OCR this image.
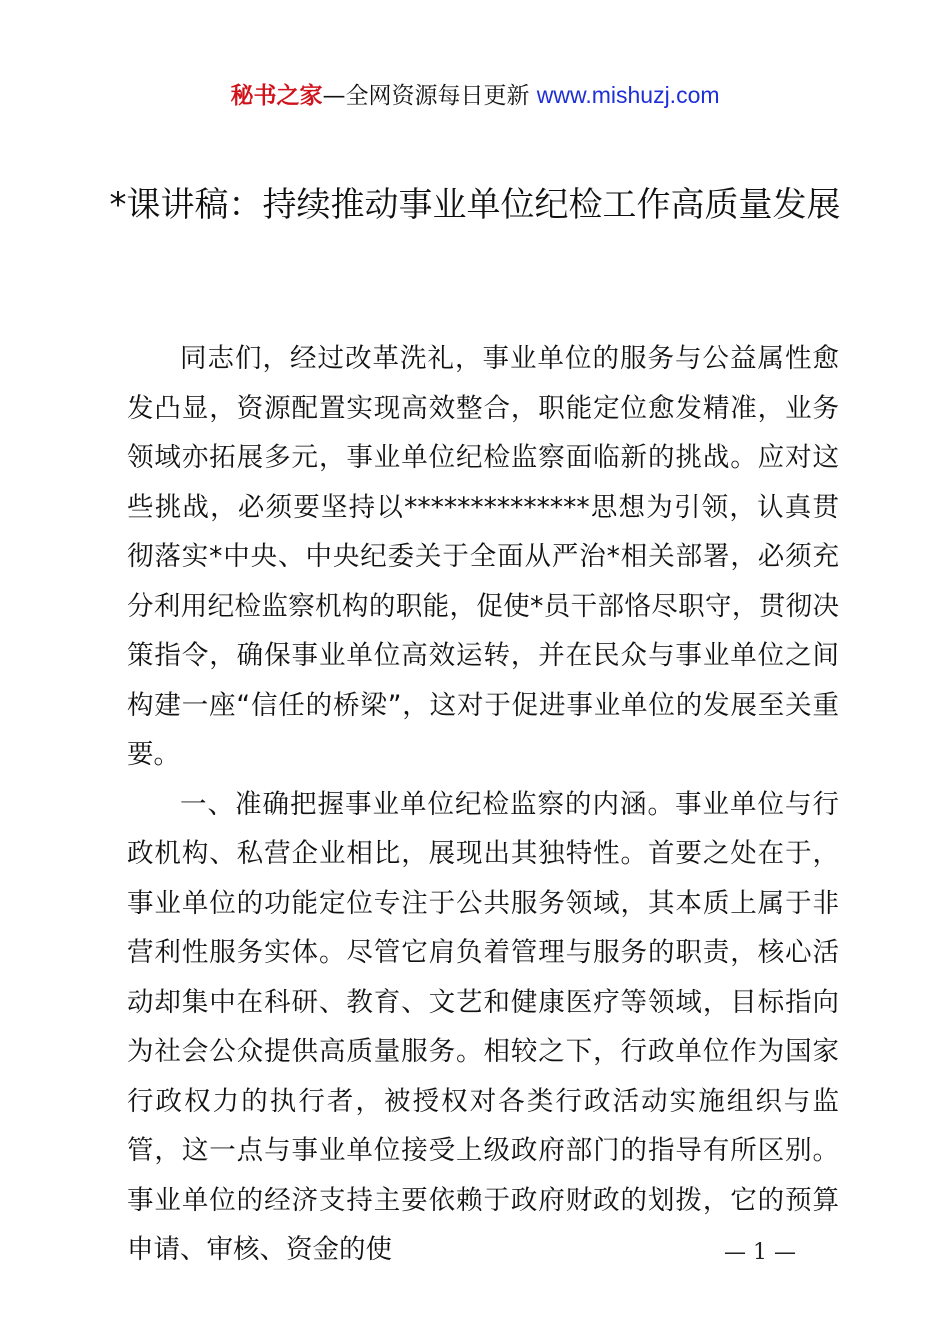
秘书之家—全网资源每日更新 www.mishuzj.com
*课讲稿：持续推动事业单位纪检工作高质量发展

同志们，经过改革洗礼，事业单位的服务与公益属性愈发凸显，资源配置实现高效整合，职能定位愈发精准，业务领域亦拓展多元，事业单位纪检监察面临新的挑战。应对这些挑战，必须要坚持以**************思想为引领，认真贯彻落实*中央、中央纪委关于全面从严治*相关部署，必须充分利用纪检监察机构的职能，促使*员干部恪尽职守，贯彻决策指令，确保事业单位高效运转，并在民众与事业单位之间构建一座“信任的桥梁”，这对于促进事业单位的发展至关重要。

一、准确把握事业单位纪检监察的内涵。事业单位与行政机构、私营企业相比，展现出其独特性。首要之处在于，事业单位的功能定位专注于公共服务领域，其本质上属于非营利性服务实体。尽管它肩负着管理与服务的职责，核心活动却集中在科研、教育、文艺和健康医疗等领域，目标指向为社会公众提供高质量服务。相较之下，行政单位作为国家行政权力的执行者，被授权对各类行政活动实施组织与监管，这一点与事业单位接受上级政府部门的指导有所区别。事业单位的经济支持主要依赖于政府财政的划拨，它的预算申请、审核、资金的使	— 1 —
